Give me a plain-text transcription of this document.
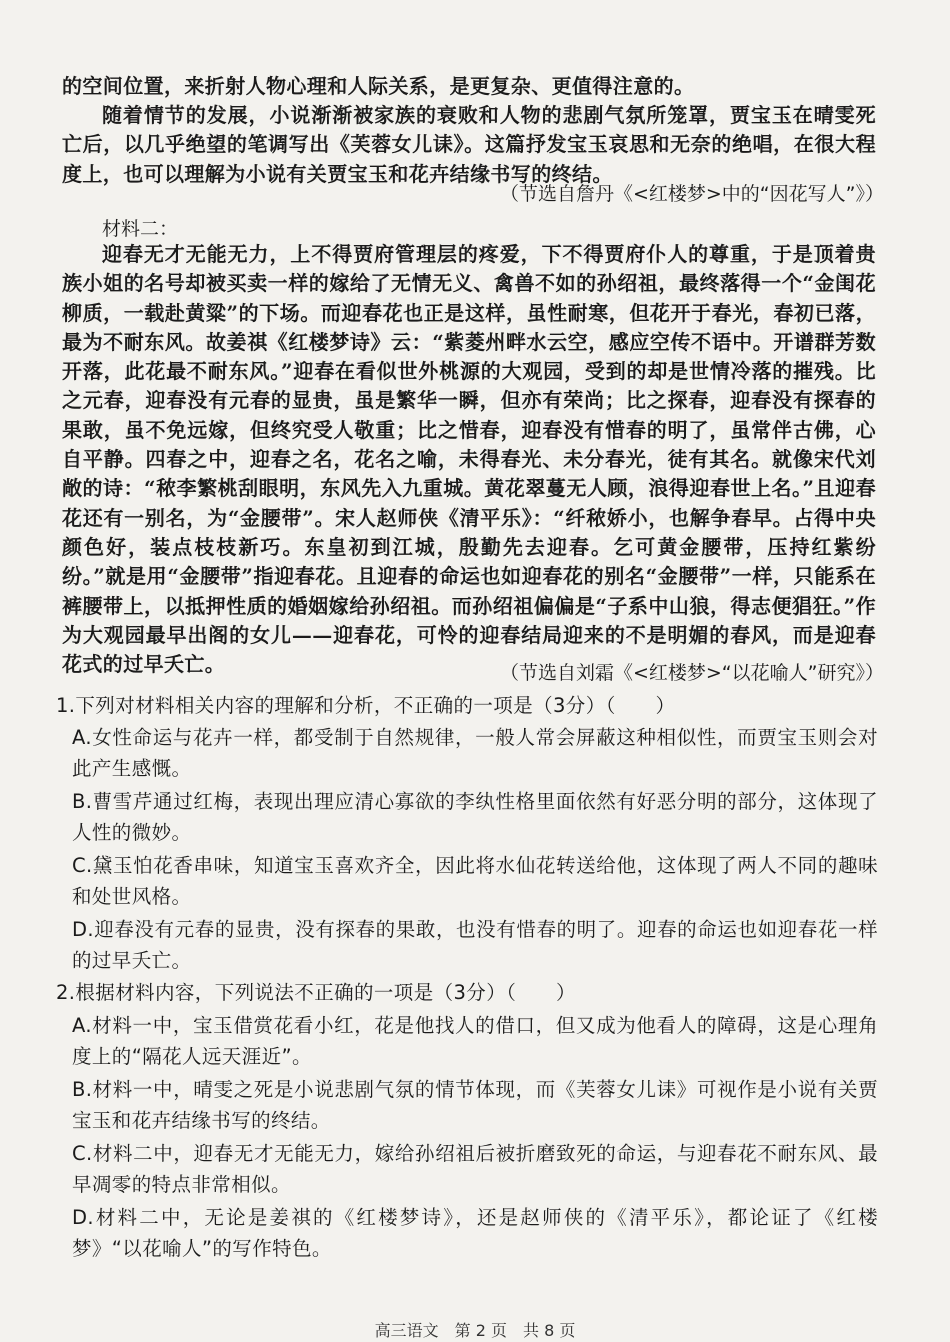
的空间位置，来折射人物心理和人际关系，是更复杂、更值得注意的。
随着情节的发展，小说渐渐被家族的衰败和人物的悲剧气氛所笼罩，贾宝玉在晴雯死亡后，以几乎绝望的笔调写出《芙蓉女儿诔》。这篇抒发宝玉哀思和无奈的绝唱，在很大程度上，也可以理解为小说有关贾宝玉和花卉结缘书写的终结。
（节选自詹丹《<红楼梦>中的“因花写人”》）
材料二：
迎春无才无能无力，上不得贾府管理层的疼爱，下不得贾府仆人的尊重，于是顶着贵族小姐的名号却被买卖一样的嫁给了无情无义、禽兽不如的孙绍祖，最终落得一个“金闺花柳质，一载赴黄粱”的下场。而迎春花也正是这样，虽性耐寒，但花开于春光，春初已落，最为不耐东风。故姜祺《红楼梦诗》云：“紫菱州畔水云空，感应空传不语中。开谱群芳数开落，此花最不耐东风。”迎春在看似世外桃源的大观园，受到的却是世情冷落的摧残。比之元春，迎春没有元春的显贵，虽是繁华一瞬，但亦有荣尚；比之探春，迎春没有探春的果敢，虽不免远嫁，但终究受人敬重；比之惜春，迎春没有惜春的明了，虽常伴古佛，心自平静。四春之中，迎春之名，花名之喻，未得春光、未分春光，徒有其名。就像宋代刘敞的诗：“秾李繁桃刮眼明，东风先入九重城。黄花翠蔓无人顾，浪得迎春世上名。”且迎春花还有一别名，为“金腰带”。宋人赵师侠《清平乐》：“纤秾娇小，也解争春早。占得中央颜色好，装点枝枝新巧。东皇初到江城，殷勤先去迎春。乞可黄金腰带，压持红紫纷纷。”就是用“金腰带”指迎春花。且迎春的命运也如迎春花的别名“金腰带”一样，只能系在裤腰带上，以抵押性质的婚姻嫁给孙绍祖。而孙绍祖偏偏是“子系中山狼，得志便猖狂。”作为大观园最早出阁的女儿——迎春花，可怜的迎春结局迎来的不是明媚的春风，而是迎春花式的过早夭亡。	（节选自刘霜《<红楼梦>“以花喻人”研究》）
1.下列对材料相关内容的理解和分析，不正确的一项是（3分）（　　）
A.女性命运与花卉一样，都受制于自然规律，一般人常会屏蔽这种相似性，而贾宝玉则会对此产生感慨。
B.曹雪芹通过红梅，表现出理应清心寡欲的李纨性格里面依然有好恶分明的部分，这体现了人性的微妙。
C.黛玉怕花香串味，知道宝玉喜欢齐全，因此将水仙花转送给他，这体现了两人不同的趣味和处世风格。
D.迎春没有元春的显贵，没有探春的果敢，也没有惜春的明了。迎春的命运也如迎春花一样的过早夭亡。
2.根据材料内容，下列说法不正确的一项是（3分）（　　）
A.材料一中，宝玉借赏花看小红，花是他找人的借口，但又成为他看人的障碍，这是心理角度上的“隔花人远天涯近”。
B.材料一中，晴雯之死是小说悲剧气氛的情节体现，而《芙蓉女儿诔》可视作是小说有关贾宝玉和花卉结缘书写的终结。
C.材料二中，迎春无才无能无力，嫁给孙绍祖后被折磨致死的命运，与迎春花不耐东风、最早凋零的特点非常相似。
D.材料二中，无论是姜祺的《红楼梦诗》，还是赵师侠的《清平乐》，都论证了《红楼梦》“以花喻人”的写作特色。
高三语文　第 2 页　共 8 页
